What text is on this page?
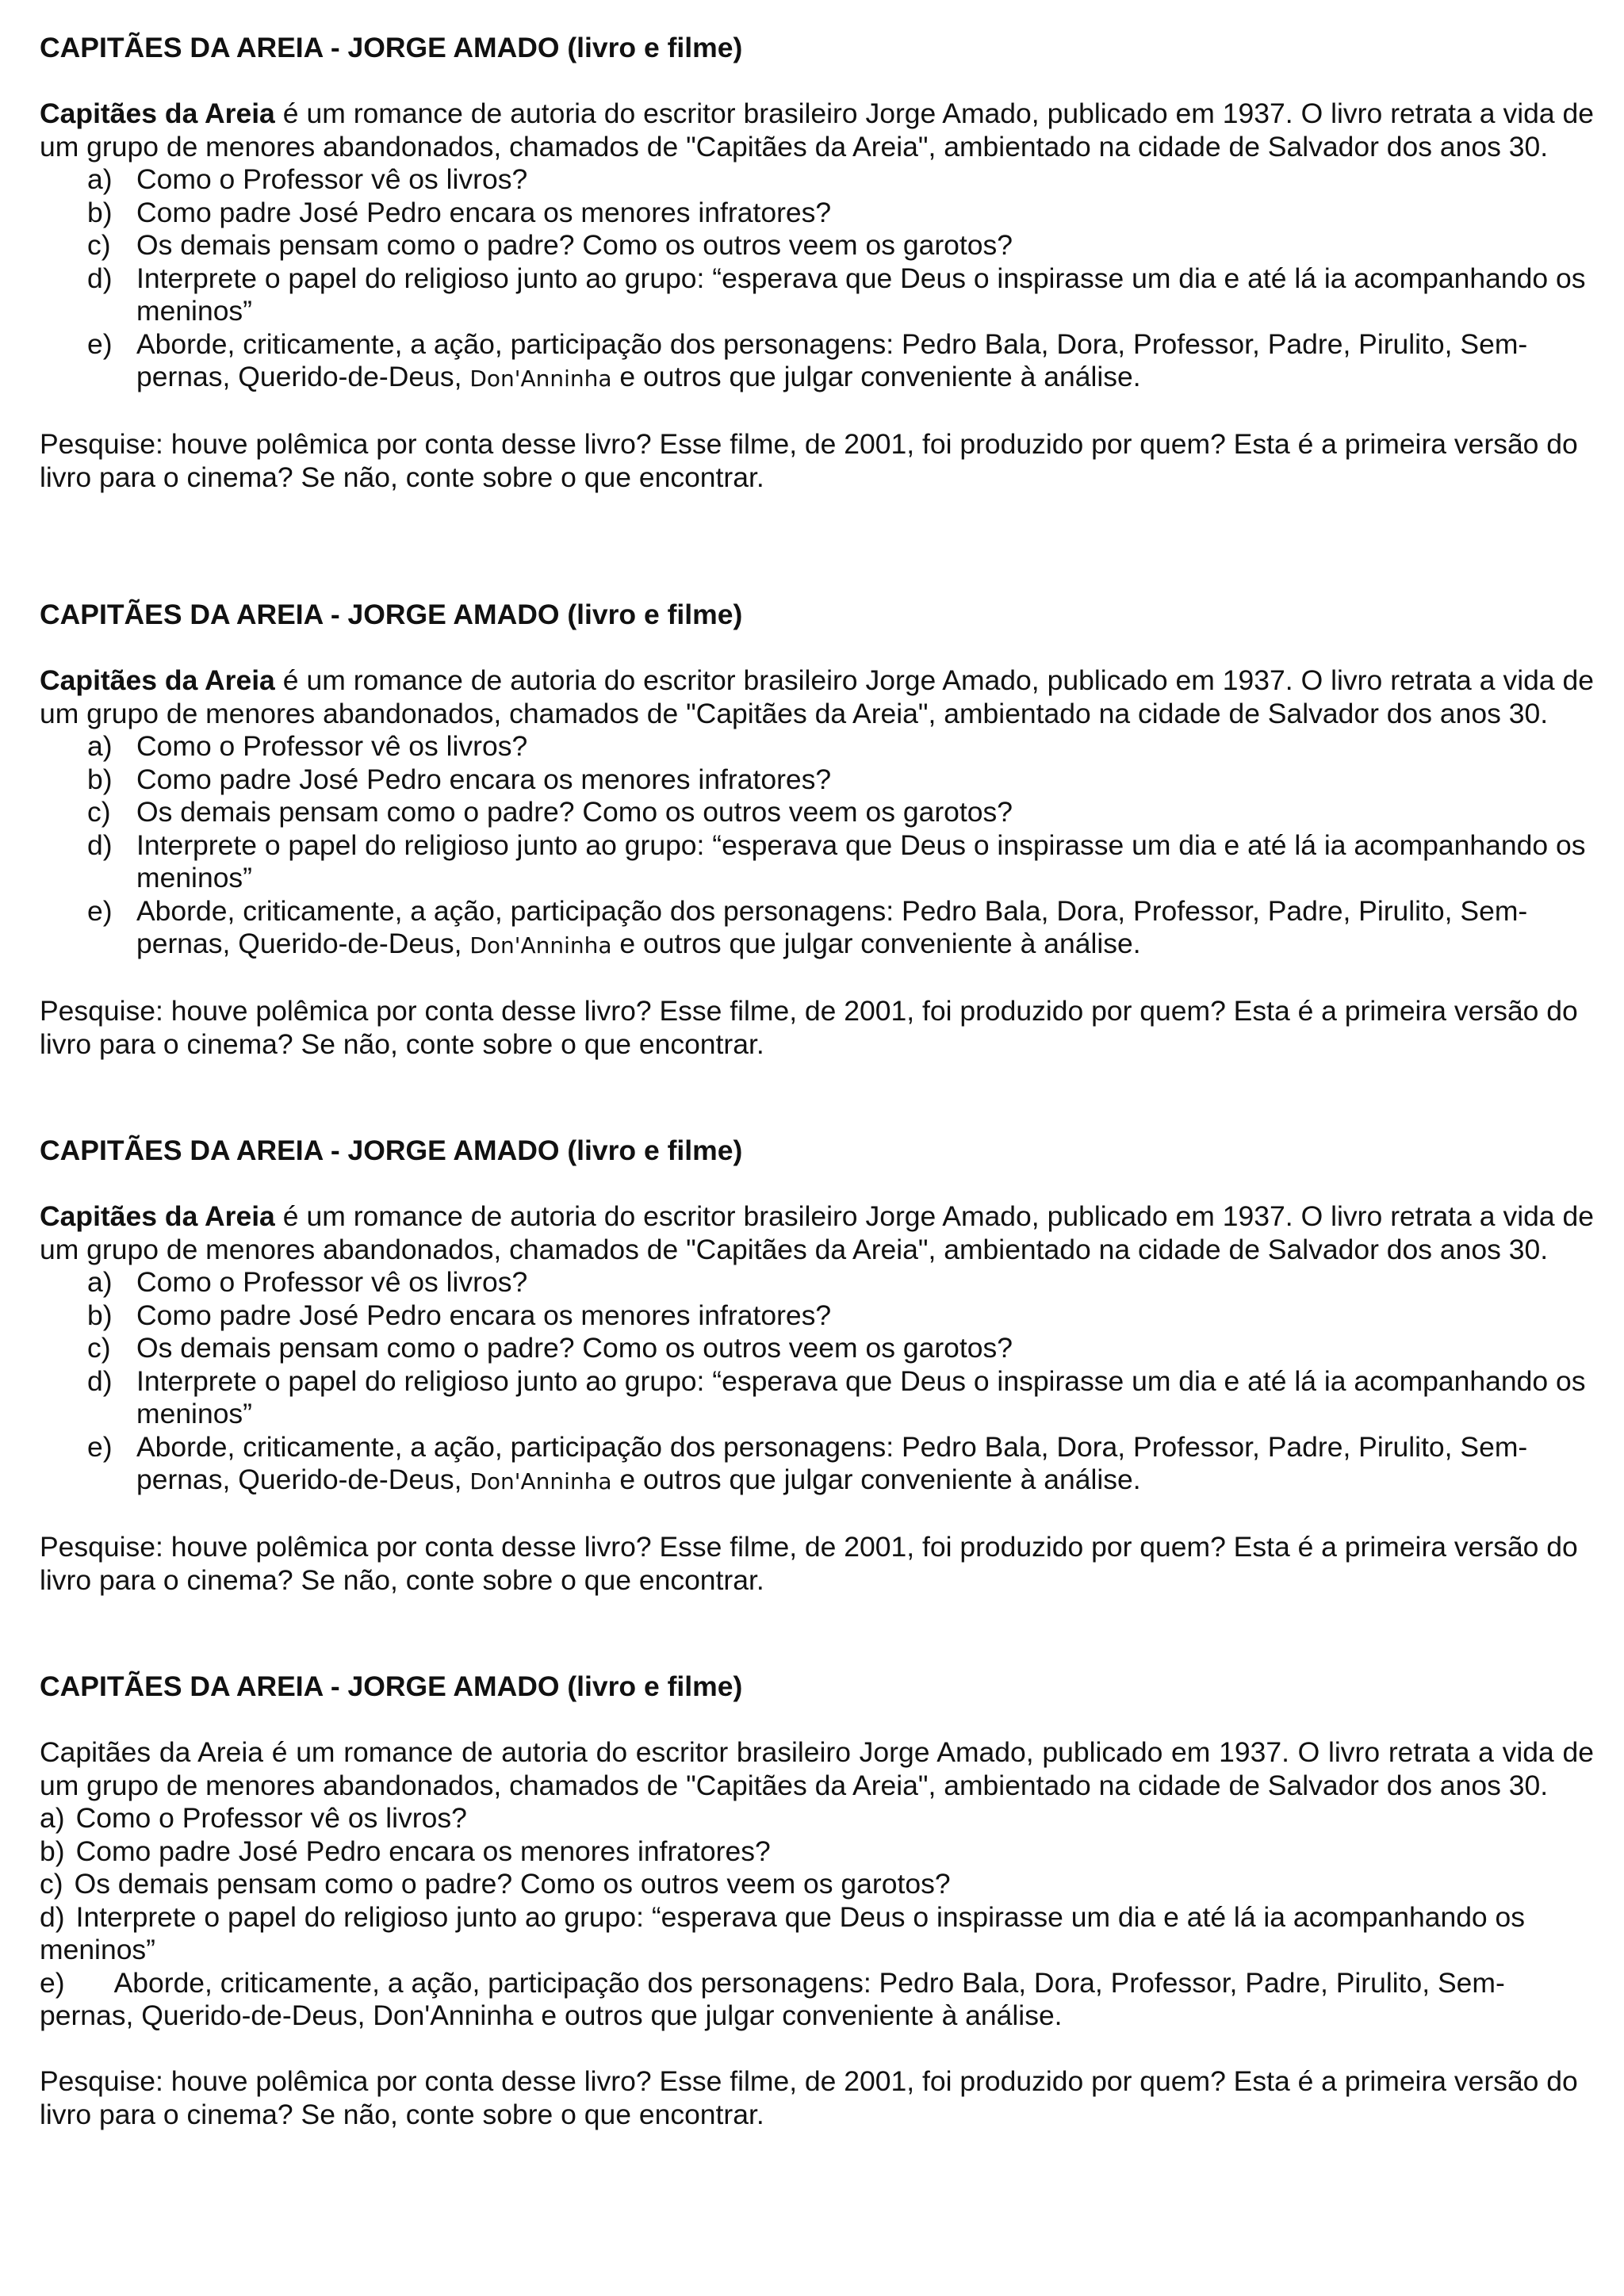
CAPITÃES DA AREIA - JORGE AMADO (livro e filme)

Capitães da Areia é um romance de autoria do escritor brasileiro Jorge Amado, publicado em 1937. O livro retrata a vida de um grupo de menores abandonados, chamados de "Capitães da Areia", ambientado na cidade de Salvador dos anos 30.

a) Como o Professor vê os livros?
b) Como padre José Pedro encara os menores infratores?
c) Os demais pensam como o padre? Como os outros veem os garotos?
d) Interprete o papel do religioso junto ao grupo: “esperava que Deus o inspirasse um dia e até lá ia acompanhando os meninos”
e) Aborde, criticamente, a ação, participação dos personagens: Pedro Bala, Dora, Professor, Padre, Pirulito, Sem-pernas, Querido-de-Deus, Don'Anninha e outros que julgar conveniente à análise.

Pesquise: houve polêmica por conta desse livro? Esse filme, de 2001, foi produzido por quem? Esta é a primeira versão do livro para o cinema? Se não, conte sobre o que encontrar.

CAPITÃES DA AREIA - JORGE AMADO (livro e filme)

Capitães da Areia é um romance de autoria do escritor brasileiro Jorge Amado, publicado em 1937. O livro retrata a vida de um grupo de menores abandonados, chamados de "Capitães da Areia", ambientado na cidade de Salvador dos anos 30.

a) Como o Professor vê os livros?
b) Como padre José Pedro encara os menores infratores?
c) Os demais pensam como o padre? Como os outros veem os garotos?
d) Interprete o papel do religioso junto ao grupo: “esperava que Deus o inspirasse um dia e até lá ia acompanhando os meninos”
e) Aborde, criticamente, a ação, participação dos personagens: Pedro Bala, Dora, Professor, Padre, Pirulito, Sem-pernas, Querido-de-Deus, Don'Anninha e outros que julgar conveniente à análise.

Pesquise: houve polêmica por conta desse livro? Esse filme, de 2001, foi produzido por quem? Esta é a primeira versão do livro para o cinema? Se não, conte sobre o que encontrar.

CAPITÃES DA AREIA - JORGE AMADO (livro e filme)

Capitães da Areia é um romance de autoria do escritor brasileiro Jorge Amado, publicado em 1937. O livro retrata a vida de um grupo de menores abandonados, chamados de "Capitães da Areia", ambientado na cidade de Salvador dos anos 30.

a) Como o Professor vê os livros?
b) Como padre José Pedro encara os menores infratores?
c) Os demais pensam como o padre? Como os outros veem os garotos?
d) Interprete o papel do religioso junto ao grupo: “esperava que Deus o inspirasse um dia e até lá ia acompanhando os meninos”
e) Aborde, criticamente, a ação, participação dos personagens: Pedro Bala, Dora, Professor, Padre, Pirulito, Sem-pernas, Querido-de-Deus, Don'Anninha e outros que julgar conveniente à análise.

Pesquise: houve polêmica por conta desse livro? Esse filme, de 2001, foi produzido por quem? Esta é a primeira versão do livro para o cinema? Se não, conte sobre o que encontrar.

CAPITÃES DA AREIA - JORGE AMADO (livro e filme)

Capitães da Areia é um romance de autoria do escritor brasileiro Jorge Amado, publicado em 1937. O livro retrata a vida de um grupo de menores abandonados, chamados de "Capitães da Areia", ambientado na cidade de Salvador dos anos 30.

a) Como o Professor vê os livros?
b) Como padre José Pedro encara os menores infratores?
c) Os demais pensam como o padre? Como os outros veem os garotos?
d) Interprete o papel do religioso junto ao grupo: “esperava que Deus o inspirasse um dia e até lá ia acompanhando os meninos”
e) Aborde, criticamente, a ação, participação dos personagens: Pedro Bala, Dora, Professor, Padre, Pirulito, Sem-pernas, Querido-de-Deus, Don'Anninha e outros que julgar conveniente à análise.

Pesquise: houve polêmica por conta desse livro? Esse filme, de 2001, foi produzido por quem? Esta é a primeira versão do livro para o cinema? Se não, conte sobre o que encontrar.
